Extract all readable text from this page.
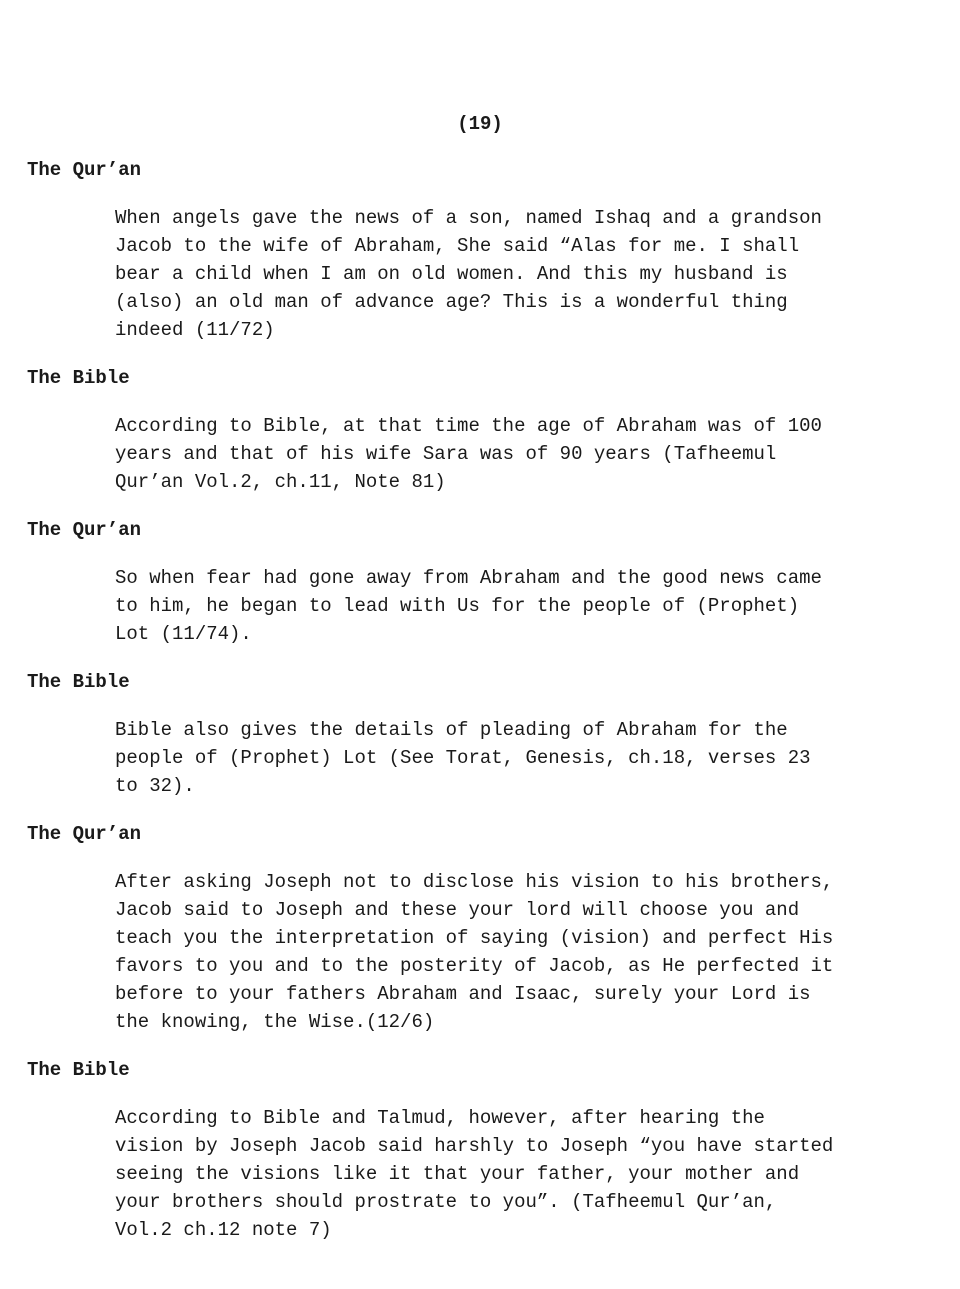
(19)
The Qur’an
When angels gave the news of a son, named Ishaq and a grandson
Jacob to the wife of Abraham, She said “Alas for me. I shall
bear a child when I am on old women. And this my husband is
(also) an old man of advance age? This is a wonderful thing
indeed (11/72)
The Bible
According to Bible, at that time the age of Abraham was of 100
years and that of his wife Sara was of 90 years (Tafheemul
Qur’an Vol.2, ch.11, Note 81)
The Qur’an
So when fear had gone away from Abraham and the good news came
to him, he began to lead with Us for the people of (Prophet)
Lot (11/74).
The Bible
Bible also gives the details of pleading of Abraham for the
people of (Prophet) Lot (See Torat, Genesis, ch.18, verses 23
to 32).
The Qur’an
After asking Joseph not to disclose his vision to his brothers,
Jacob said to Joseph and these your lord will choose you and
teach you the interpretation of saying (vision) and perfect His
favors to you and to the posterity of Jacob, as He perfected it
before to your fathers Abraham and Isaac, surely your Lord is
the knowing, the Wise.(12/6)
The Bible
According to Bible and Talmud, however, after hearing the
vision by Joseph Jacob said harshly to Joseph “you have started
seeing the visions like it that your father, your mother and
your brothers should prostrate to you”. (Tafheemul Qur’an,
Vol.2 ch.12 note 7)
